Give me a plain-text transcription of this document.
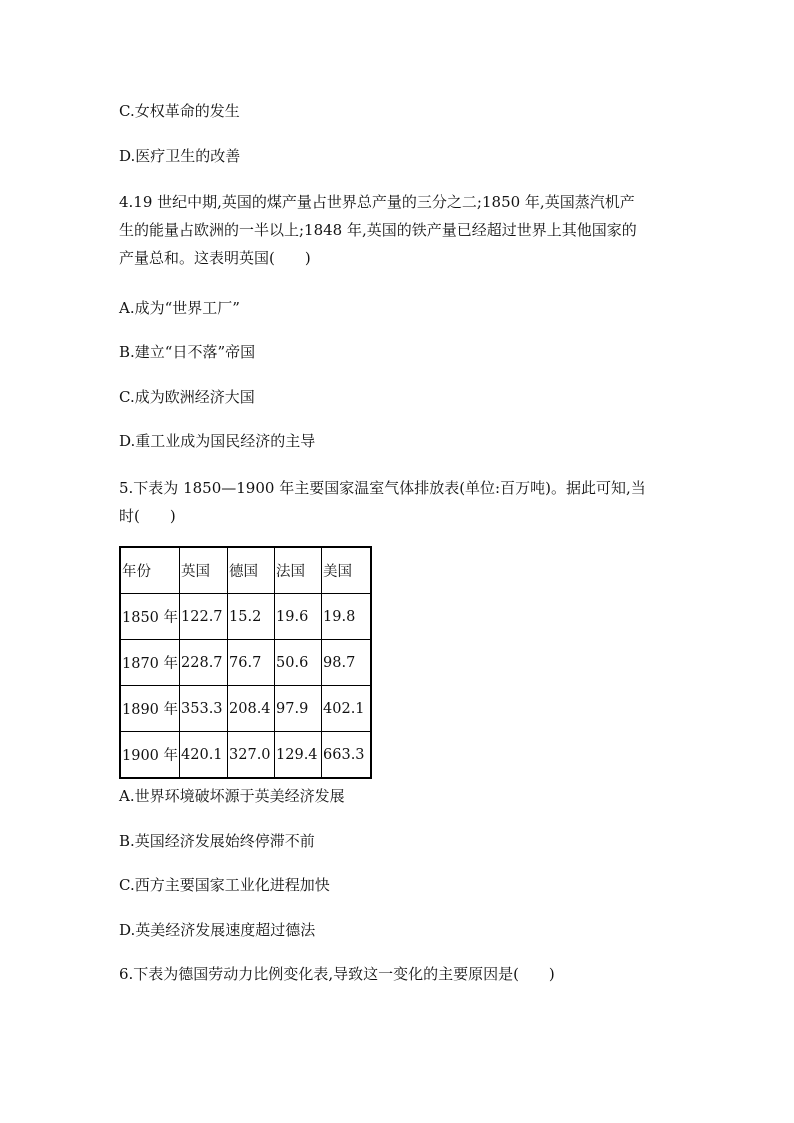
C.女权革命的发生
D.医疗卫生的改善
4.19 世纪中期,英国的煤产量占世界总产量的三分之二;1850 年,英国蒸汽机产
生的能量占欧洲的一半以上;1848 年,英国的铁产量已经超过世界上其他国家的
产量总和。这表明英国(　　)
A.成为“世界工厂”
B.建立“日不落”帝国
C.成为欧洲经济大国
D.重工业成为国民经济的主导
5.下表为 1850—1900 年主要国家温室气体排放表(单位:百万吨)。据此可知,当
时(　　)
年份	英国	德国	法国	美国
1850 年	122.7	15.2	19.6	19.8
1870 年	228.7	76.7	50.6	98.7
1890 年	353.3	208.4	97.9	402.1
1900 年	420.1	327.0	129.4	663.3
A.世界环境破坏源于英美经济发展
B.英国经济发展始终停滞不前
C.西方主要国家工业化进程加快
D.英美经济发展速度超过德法
6.下表为德国劳动力比例变化表,导致这一变化的主要原因是(　　)
